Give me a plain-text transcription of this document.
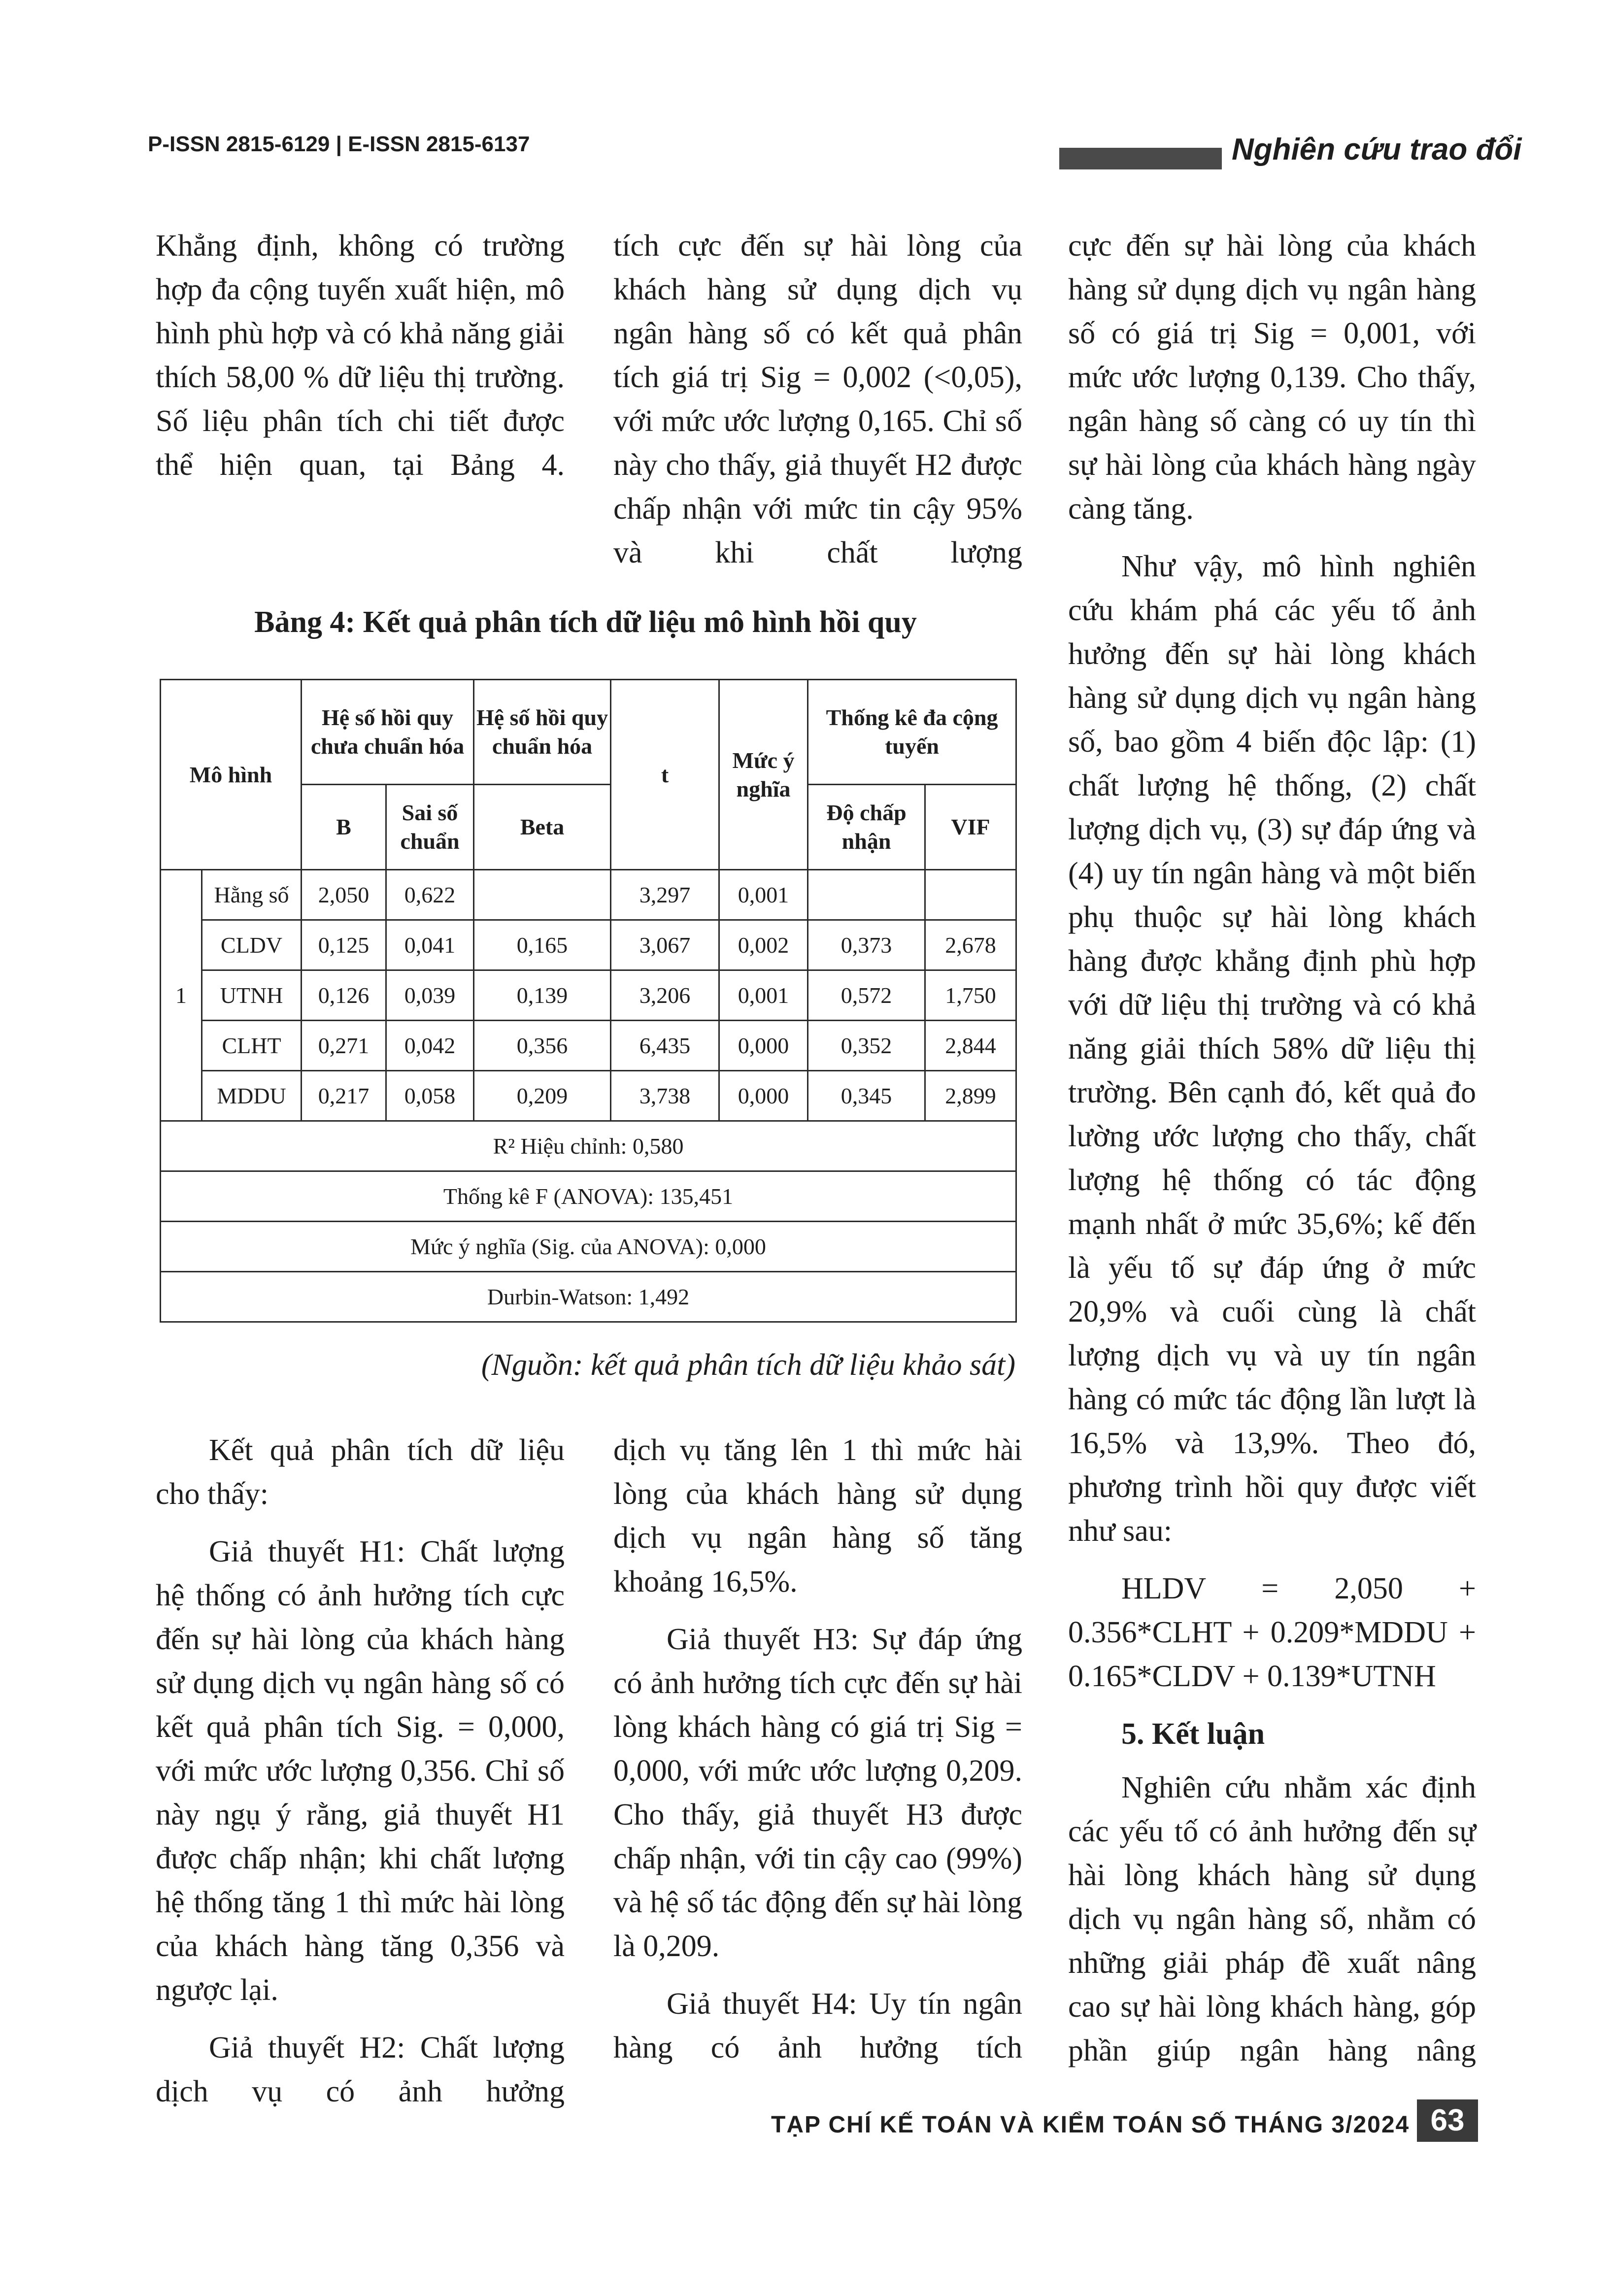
P-ISSN 2815-6129 | E-ISSN 2815-6137	Nghiên cứu trao đổi

Khẳng định, không có trường hợp đa cộng tuyến xuất hiện, mô hình phù hợp và có khả năng giải thích 58,00 % dữ liệu thị trường. Số liệu phân tích chi tiết được thể hiện quan, tại Bảng 4.

tích cực đến sự hài lòng của khách hàng sử dụng dịch vụ ngân hàng số có kết quả phân tích giá trị Sig = 0,002 (<0,05), với mức ước lượng 0,165. Chỉ số này cho thấy, giả thuyết H2 được chấp nhận với mức tin cậy 95% và khi chất lượng

Bảng 4: Kết quả phân tích dữ liệu mô hình hồi quy
Mô hình		Hệ số hồi quy chưa chuẩn hóa		Hệ số hồi quy chuẩn hóa	t	Mức ý nghĩa	Thống kê đa cộng tuyến	
		B	Sai số chuẩn	Beta			Độ chấp nhận	VIF
1	Hằng số	2,050	0,622		3,297	0,001		
	CLDV	0,125	0,041	0,165	3,067	0,002	0,373	2,678
	UTNH	0,126	0,039	0,139	3,206	0,001	0,572	1,750
	CLHT	0,271	0,042	0,356	6,435	0,000	0,352	2,844
	MDDU	0,217	0,058	0,209	3,738	0,000	0,345	2,899
R² Hiệu chỉnh: 0,580								
Thống kê F (ANOVA): 135,451								
Mức ý nghĩa (Sig. của ANOVA): 0,000								
Durbin-Watson: 1,492								
(Nguồn: kết quả phân tích dữ liệu khảo sát)

Kết quả phân tích dữ liệu cho thấy:

Giả thuyết H1: Chất lượng hệ thống có ảnh hưởng tích cực đến sự hài lòng của khách hàng sử dụng dịch vụ ngân hàng số có kết quả phân tích Sig. = 0,000, với mức ước lượng 0,356. Chỉ số này ngụ ý rằng, giả thuyết H1 được chấp nhận; khi chất lượng hệ thống tăng 1 thì mức hài lòng của khách hàng tăng 0,356 và ngược lại.

Giả thuyết H2: Chất lượng dịch vụ có ảnh hưởng

dịch vụ tăng lên 1 thì mức hài lòng của khách hàng sử dụng dịch vụ ngân hàng số tăng khoảng 16,5%.

Giả thuyết H3: Sự đáp ứng có ảnh hưởng tích cực đến sự hài lòng khách hàng có giá trị Sig = 0,000, với mức ước lượng 0,209. Cho thấy, giả thuyết H3 được chấp nhận, với tin cậy cao (99%) và hệ số tác động đến sự hài lòng là 0,209.

Giả thuyết H4: Uy tín ngân hàng có ảnh hưởng tích

cực đến sự hài lòng của khách hàng sử dụng dịch vụ ngân hàng số có giá trị Sig = 0,001, với mức ước lượng 0,139. Cho thấy, ngân hàng số càng có uy tín thì sự hài lòng của khách hàng ngày càng tăng.

Như vậy, mô hình nghiên cứu khám phá các yếu tố ảnh hưởng đến sự hài lòng khách hàng sử dụng dịch vụ ngân hàng số, bao gồm 4 biến độc lập: (1) chất lượng hệ thống, (2) chất lượng dịch vụ, (3) sự đáp ứng và (4) uy tín ngân hàng và một biến phụ thuộc sự hài lòng khách hàng được khẳng định phù hợp với dữ liệu thị trường và có khả năng giải thích 58% dữ liệu thị trường. Bên cạnh đó, kết quả đo lường ước lượng cho thấy, chất lượng hệ thống có tác động mạnh nhất ở mức 35,6%; kế đến là yếu tố sự đáp ứng ở mức 20,9% và cuối cùng là chất lượng dịch vụ và uy tín ngân hàng có mức tác động lần lượt là 16,5% và 13,9%. Theo đó, phương trình hồi quy được viết như sau:

HLDV = 2,050 +
0.356*CLHT + 0.209*MDDU +
0.165*CLDV + 0.139*UTNH
5. Kết luận

Nghiên cứu nhằm xác định các yếu tố có ảnh hưởng đến sự hài lòng khách hàng sử dụng dịch vụ ngân hàng số, nhằm có những giải pháp đề xuất nâng cao sự hài lòng khách hàng, góp phần giúp ngân hàng nâng

TẠP CHÍ KẾ TOÁN VÀ KIỂM TOÁN SỐ THÁNG 3/2024 63
